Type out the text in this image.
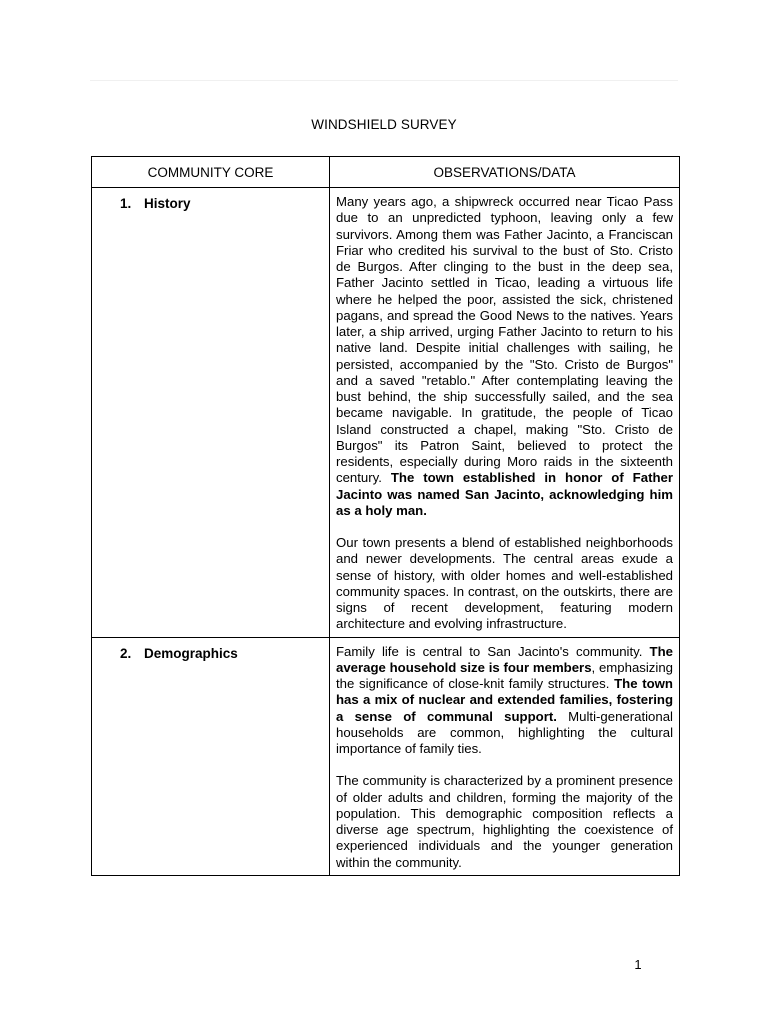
WINDSHIELD SURVEY
COMMUNITY CORE	OBSERVATIONS/DATA
1. History	Many years ago, a shipwreck occurred near Ticao Pass due to an unpredicted typhoon, leaving only a few survivors. Among them was Father Jacinto, a Franciscan Friar who credited his survival to the bust of Sto. Cristo de Burgos. After clinging to the bust in the deep sea, Father Jacinto settled in Ticao, leading a virtuous life where he helped the poor, assisted the sick, christened pagans, and spread the Good News to the natives. Years later, a ship arrived, urging Father Jacinto to return to his native land. Despite initial challenges with sailing, he persisted, accompanied by the "Sto. Cristo de Burgos" and a saved "retablo." After contemplating leaving the bust behind, the ship successfully sailed, and the sea became navigable. In gratitude, the people of Ticao Island constructed a chapel, making "Sto. Cristo de Burgos" its Patron Saint, believed to protect the residents, especially during Moro raids in the sixteenth century. The town established in honor of Father Jacinto was named San Jacinto, acknowledging him as a holy man.

Our town presents a blend of established neighborhoods and newer developments. The central areas exude a sense of history, with older homes and well-established community spaces. In contrast, on the outskirts, there are signs of recent development, featuring modern architecture and evolving infrastructure.

2. Demographics	Family life is central to San Jacinto's community. The average household size is four members, emphasizing the significance of close-knit family structures. The town has a mix of nuclear and extended families, fostering a sense of communal support. Multi-generational households are common, highlighting the cultural importance of family ties.

The community is characterized by a prominent presence of older adults and children, forming the majority of the population. This demographic composition reflects a diverse age spectrum, highlighting the coexistence of experienced individuals and the younger generation within the community.

1
